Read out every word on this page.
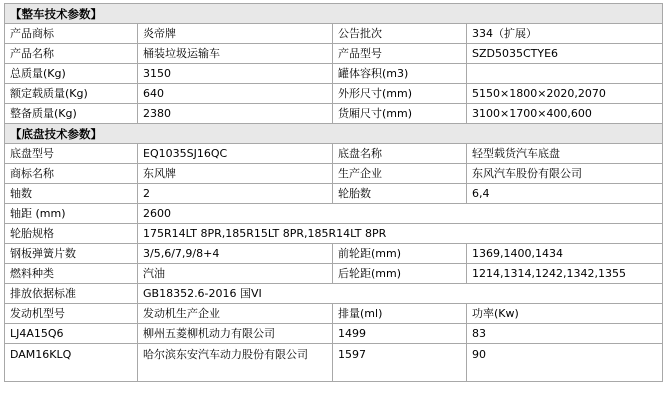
【整车技术参数】			
产品商标	炎帝牌	公告批次	334（扩展）
产品名称	桶装垃圾运输车	产品型号	SZD5035CTYE6
总质量(Kg)	3150	罐体容积(m3)	
额定载质量(Kg)	640	外形尺寸(mm)	5150×1800×2020,2070
整备质量(Kg)	2380	货厢尺寸(mm)	3100×1700×400,600
【底盘技术参数】			
底盘型号	EQ1035SJ16QC	底盘名称	轻型载货汽车底盘
商标名称	东风牌	生产企业	东风汽车股份有限公司
轴数	2	轮胎数	6,4
轴距 (mm)	2600		
轮胎规格	175R14LT 8PR,185R15LT 8PR,185R14LT 8PR		
钢板弹簧片数	3/5,6/7,9/8+4	前轮距(mm)	1369,1400,1434
燃料种类	汽油	后轮距(mm)	1214,1314,1242,1342,1355
排放依据标准	GB18352.6-2016 国VI		
发动机型号	发动机生产企业	排量(ml)	功率(Kw)
LJ4A15Q6	柳州五菱柳机动力有限公司	1499	83
DAM16KLQ	哈尔滨东安汽车动力股份有限公司	1597	90
